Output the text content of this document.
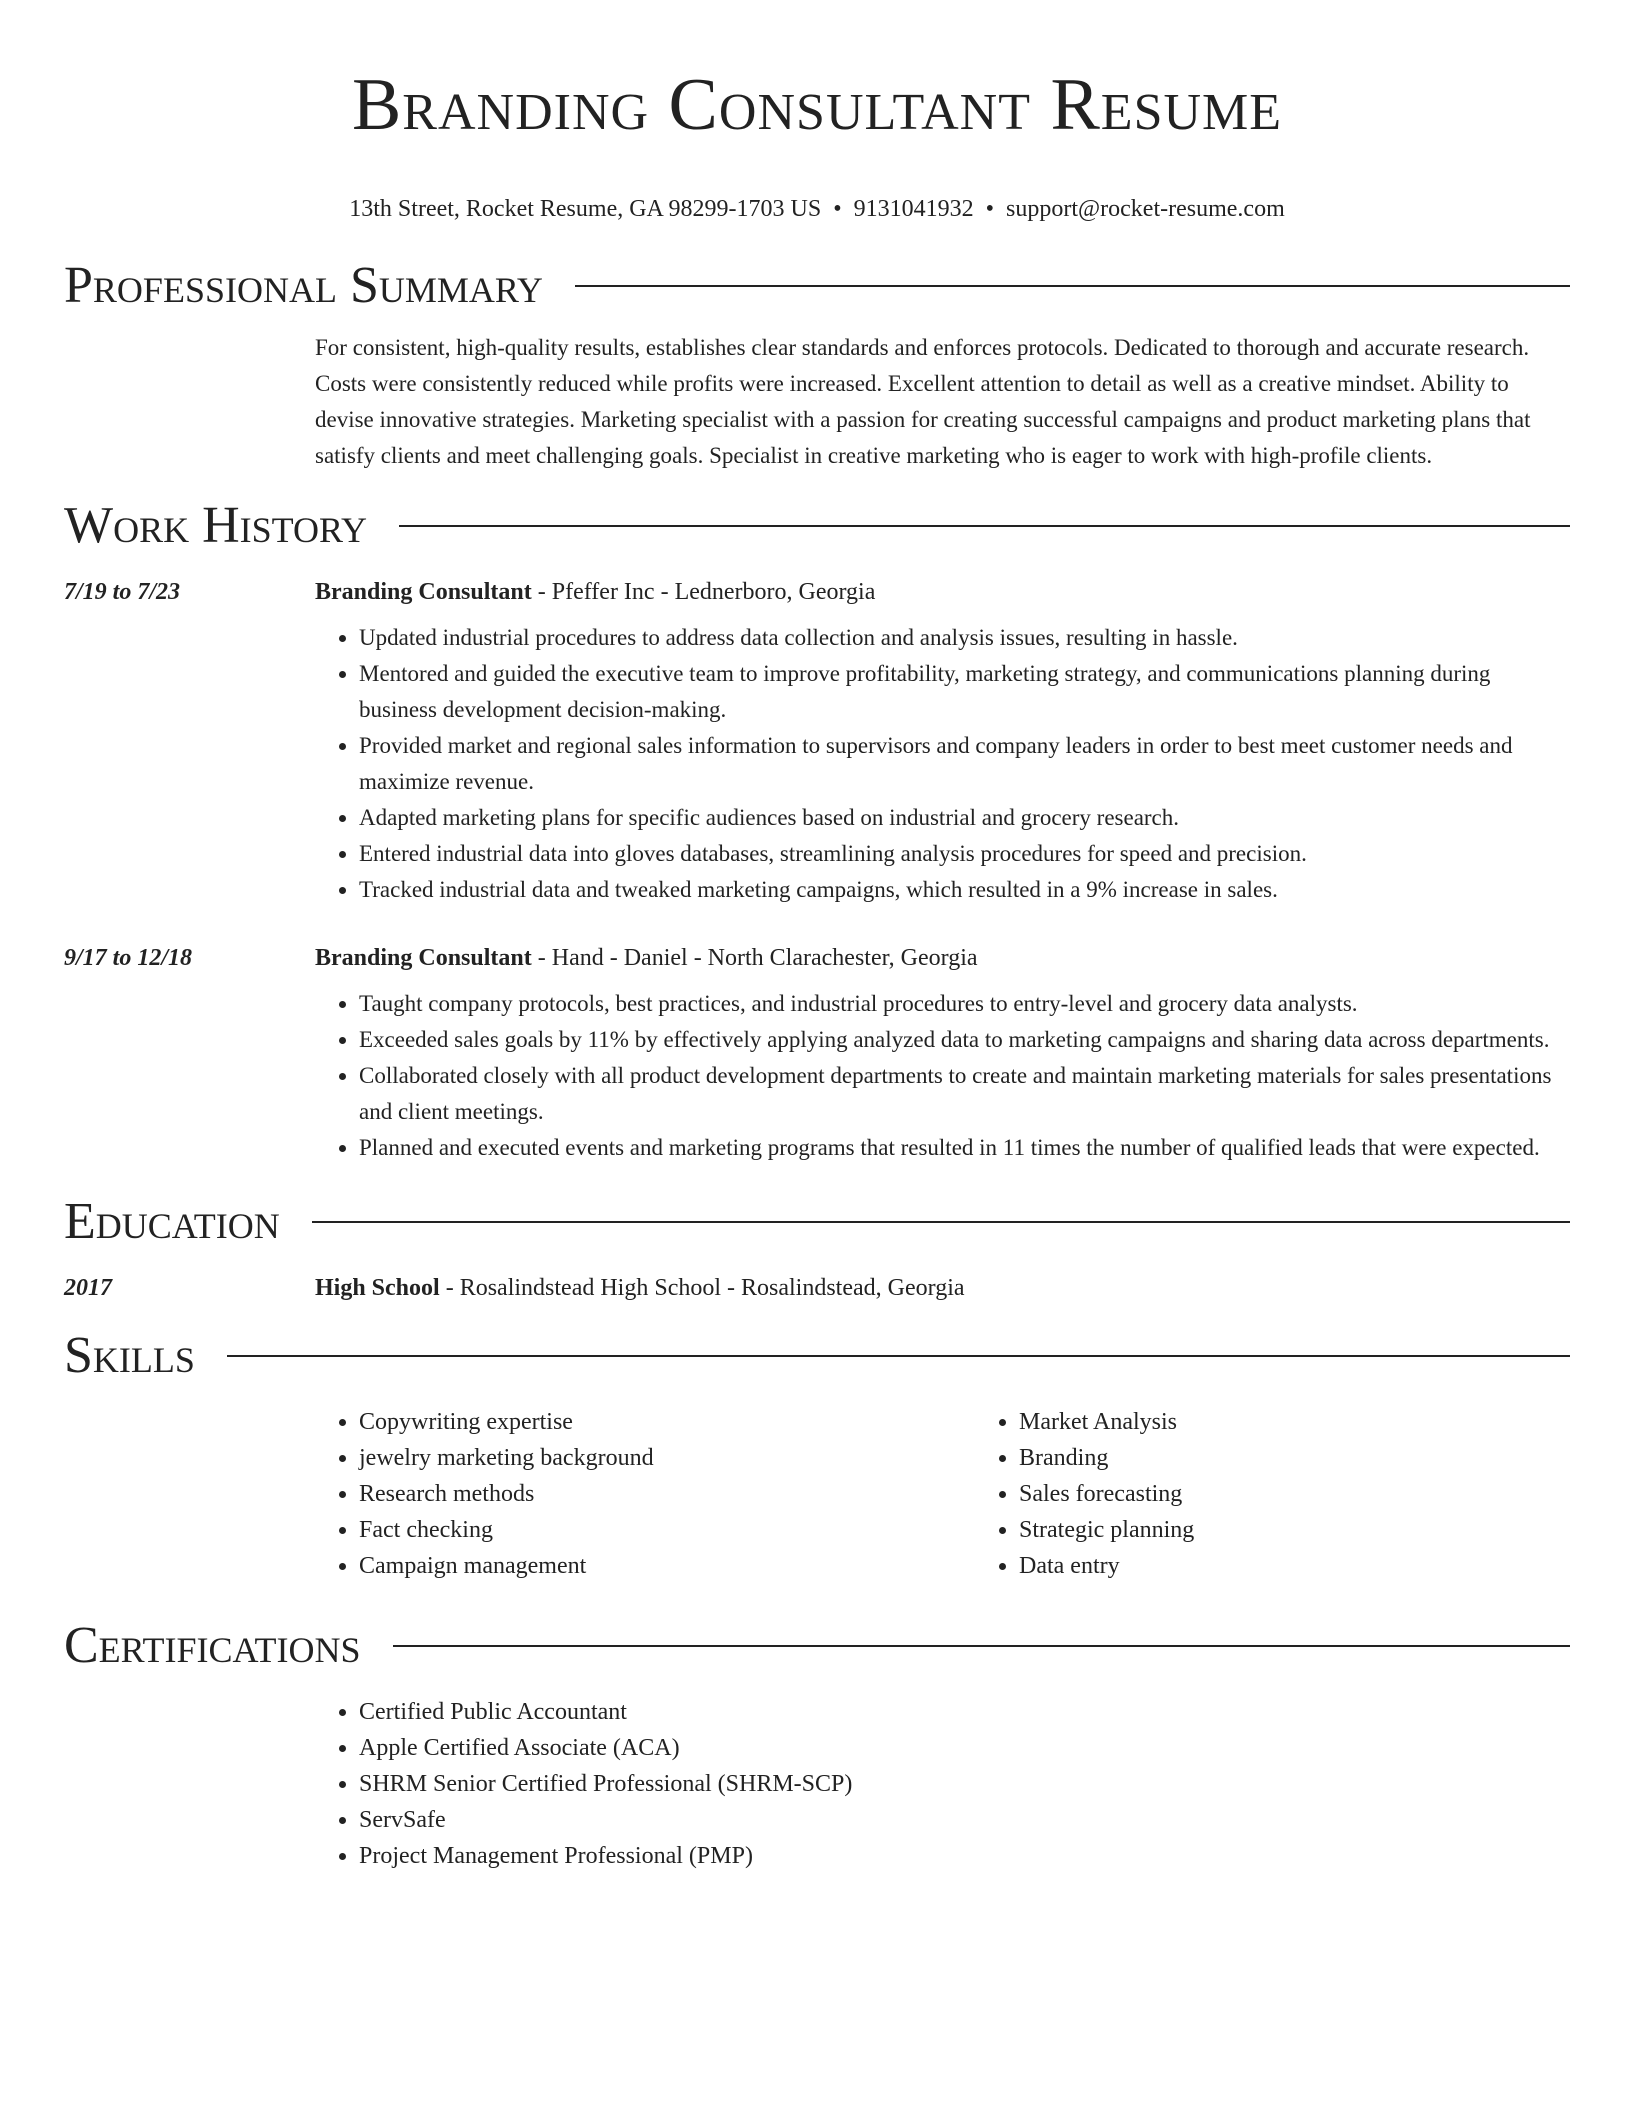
Branding Consultant Resume
13th Street, Rocket Resume, GA 98299-1703 US • 9131041932 • support@rocket-resume.com
Professional Summary

For consistent, high-quality results, establishes clear standards and enforces protocols. Dedicated to thorough and accurate research. Costs were consistently reduced while profits were increased. Excellent attention to detail as well as a creative mindset. Ability to devise innovative strategies. Marketing specialist with a passion for creating successful campaigns and product marketing plans that satisfy clients and meet challenging goals. Specialist in creative marketing who is eager to work with high-profile clients.

Work History
7/19 to 7/23	Branding Consultant - Pfeffer Inc - Lednerboro, Georgia
• Updated industrial procedures to address data collection and analysis issues, resulting in hassle.
• Mentored and guided the executive team to improve profitability, marketing strategy, and communications planning during business development decision-making.
• Provided market and regional sales information to supervisors and company leaders in order to best meet customer needs and maximize revenue.
• Adapted marketing plans for specific audiences based on industrial and grocery research.
• Entered industrial data into gloves databases, streamlining analysis procedures for speed and precision.
• Tracked industrial data and tweaked marketing campaigns, which resulted in a 9% increase in sales.
9/17 to 12/18	Branding Consultant - Hand - Daniel - North Clarachester, Georgia
• Taught company protocols, best practices, and industrial procedures to entry-level and grocery data analysts.
• Exceeded sales goals by 11% by effectively applying analyzed data to marketing campaigns and sharing data across departments.
• Collaborated closely with all product development departments to create and maintain marketing materials for sales presentations and client meetings.
• Planned and executed events and marketing programs that resulted in 11 times the number of qualified leads that were expected.
Education
2017	High School - Rosalindstead High School - Rosalindstead, Georgia
Skills
• Copywriting expertise
• jewelry marketing background
• Research methods
• Fact checking
• Campaign management
• Market Analysis
• Branding
• Sales forecasting
• Strategic planning
• Data entry
Certifications
• Certified Public Accountant
• Apple Certified Associate (ACA)
• SHRM Senior Certified Professional (SHRM-SCP)
• ServSafe
• Project Management Professional (PMP)
